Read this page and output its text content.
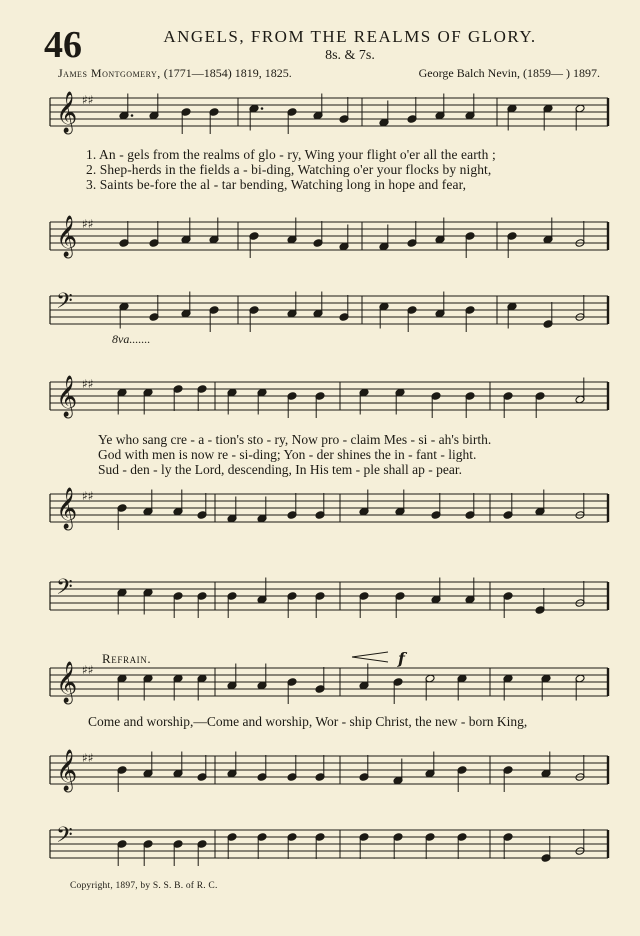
46	ANGELS, FROM THE REALMS OF GLORY.
8s. & 7s.
James Montgomery, (1771—1854) 1819, 1825.	George Balch Nevin, (1859— ) 1897.
𝄞 ♯♯
𝄞 ♯♯
𝄢
𝄞 ♯♯
𝄞 ♯♯
𝄢
𝄞 ♯♯
𝄞 ♯♯
𝄢
f
1. An - gels from the realms of glo - ry, Wing your flight o'er all the earth ;
2. Shep-herds in the fields a - bi-ding, Watching o'er your flocks by night,
3. Saints be-fore the al - tar bending, Watching long in hope and fear,
8va.......
Ye who sang cre - a - tion's sto - ry, Now pro - claim Mes - si - ah's birth.
God with men is now re - si-ding; Yon - der shines the in - fant - light.
Sud - den - ly the Lord, descending, In His tem - ple shall ap - pear.
Refrain.
Come and worship,—Come and worship, Wor - ship Christ, the new - born King,
Copyright, 1897, by S. S. B. of R. C.
